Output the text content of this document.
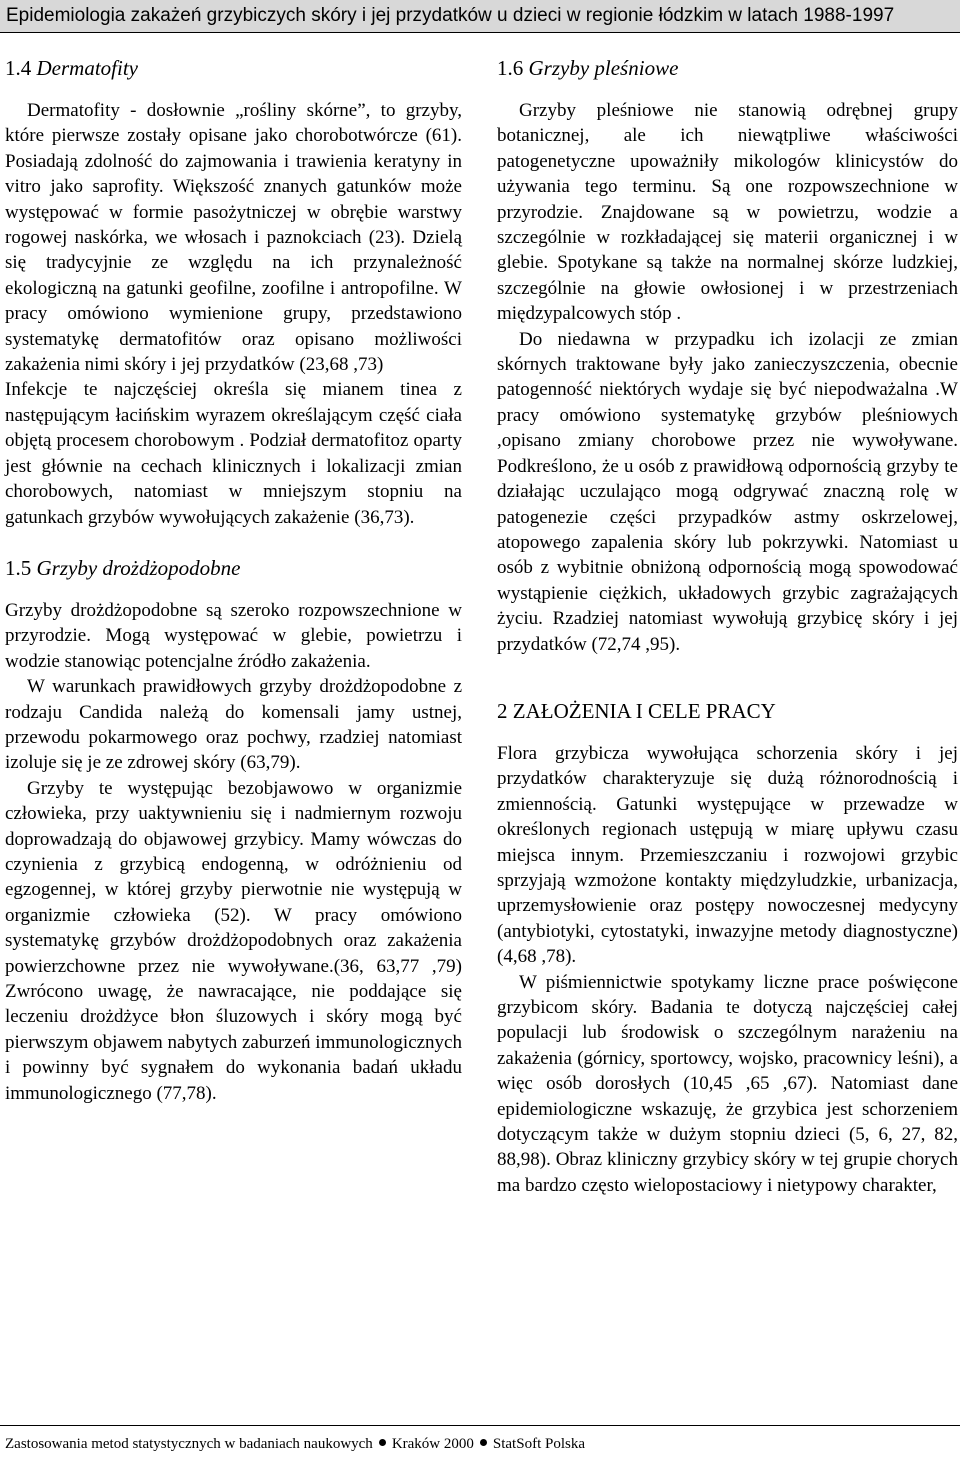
Epidemiologia zakażeń grzybiczych skóry i jej przydatków u dzieci w regionie łódzkim w latach 1988-1997
1.4 Dermatofity

Dermatofity - dosłownie „rośliny skórne”, to grzyby, które pierwsze zostały opisane jako chorobotwórcze (61). Posiadają zdolność do zajmowania i trawienia keratyny in vitro jako saprofity. Większość znanych gatunków może występować w formie pasożytniczej w obrębie warstwy rogowej naskórka, we włosach i paznokciach (23). Dzielą się tradycyjnie ze względu na ich przynależność ekologiczną na gatunki geofilne, zoofilne i antropofilne. W pracy omówiono wymienione grupy, przedstawiono systematykę dermatofitów oraz opisano możliwości zakażenia nimi skóry i jej przydatków (23,68 ,73)

Infekcje te najczęściej określa się mianem tinea z następującym łacińskim wyrazem określającym część ciała objętą procesem chorobowym . Podział dermatofitoz oparty jest głównie na cechach klinicznych i lokalizacji zmian chorobowych, natomiast w mniejszym stopniu na gatunkach grzybów wywołujących zakażenie (36,73).

1.5 Grzyby drożdżopodobne

Grzyby drożdżopodobne są szeroko rozpowszechnione w przyrodzie. Mogą występować w glebie, powietrzu i wodzie stanowiąc potencjalne źródło zakażenia.

W warunkach prawidłowych grzyby drożdżopodobne z rodzaju Candida należą do komensali jamy ustnej, przewodu pokarmowego oraz pochwy, rzadziej natomiast izoluje się je ze zdrowej skóry (63,79).

Grzyby te występując bezobjawowo w organizmie człowieka, przy uaktywnieniu się i nadmiernym rozwoju doprowadzają do objawowej grzybicy. Mamy wówczas do czynienia z grzybicą endogenną, w odróżnieniu od egzogennej, w której grzyby pierwotnie nie występują w organizmie człowieka (52). W pracy omówiono systematykę grzybów drożdżopodobnych oraz zakażenia powierzchowne przez nie wywoływane.(36, 63,77 ,79) Zwrócono uwagę, że nawracające, nie poddające się leczeniu drożdżyce błon śluzowych i skóry mogą być pierwszym objawem nabytych zaburzeń immunologicznych i powinny być sygnałem do wykonania badań układu immunologicznego (77,78).

1.6 Grzyby pleśniowe

Grzyby pleśniowe nie stanowią odrębnej grupy botanicznej, ale ich niewątpliwe właściwości patogenetyczne upoważniły mikologów klinicystów do używania tego terminu. Są one rozpowszechnione w przyrodzie. Znajdowane są w powietrzu, wodzie a szczególnie w rozkładającej się materii organicznej i w glebie. Spotykane są także na normalnej skórze ludzkiej, szczególnie na głowie owłosionej i w przestrzeniach międzypalcowych stóp .

Do niedawna w przypadku ich izolacji ze zmian skórnych traktowane były jako zanieczyszczenia, obecnie patogenność niektórych wydaje się być niepodważalna .W pracy omówiono systematykę grzybów pleśniowych ,opisano zmiany chorobowe przez nie wywoływane. Podkreślono, że u osób z prawidłową odpornością grzyby te działając uczulająco mogą odgrywać znaczną rolę w patogenezie części przypadków astmy oskrzelowej, atopowego zapalenia skóry lub pokrzywki. Natomiast u osób z wybitnie obniżoną odpornością mogą spowodować wystąpienie ciężkich, układowych grzybic zagrażających życiu. Rzadziej natomiast wywołują grzybicę skóry i jej przydatków (72,74 ,95).

2 ZAŁOŻENIA I CELE PRACY

Flora grzybicza wywołująca schorzenia skóry i jej przydatków charakteryzuje się dużą różnorodnością i zmiennością. Gatunki występujące w przewadze w określonych regionach ustępują w miarę upływu czasu miejsca innym. Przemieszczaniu i rozwojowi grzybic sprzyjają wzmożone kontakty międzyludzkie, urbanizacja, uprzemysłowienie oraz postępy nowoczesnej medycyny (antybiotyki, cytostatyki, inwazyjne metody diagnostyczne) (4,68 ,78).

W piśmiennictwie spotykamy liczne prace poświęcone grzybicom skóry. Badania te dotyczą najczęściej całej populacji lub środowisk o szczególnym narażeniu na zakażenia (górnicy, sportowcy, wojsko, pracownicy leśni), a więc osób dorosłych (10,45 ,65 ,67). Natomiast dane epidemiologiczne wskazuję, że grzybica jest schorzeniem dotyczącym także w dużym stopniu dzieci (5, 6, 27, 82, 88,98). Obraz kliniczny grzybicy skóry w tej grupie chorych ma bardzo często wielopostaciowy i nietypowy charakter,

Zastosowania metod statystycznych w badaniach naukowych Kraków 2000 StatSoft Polska
